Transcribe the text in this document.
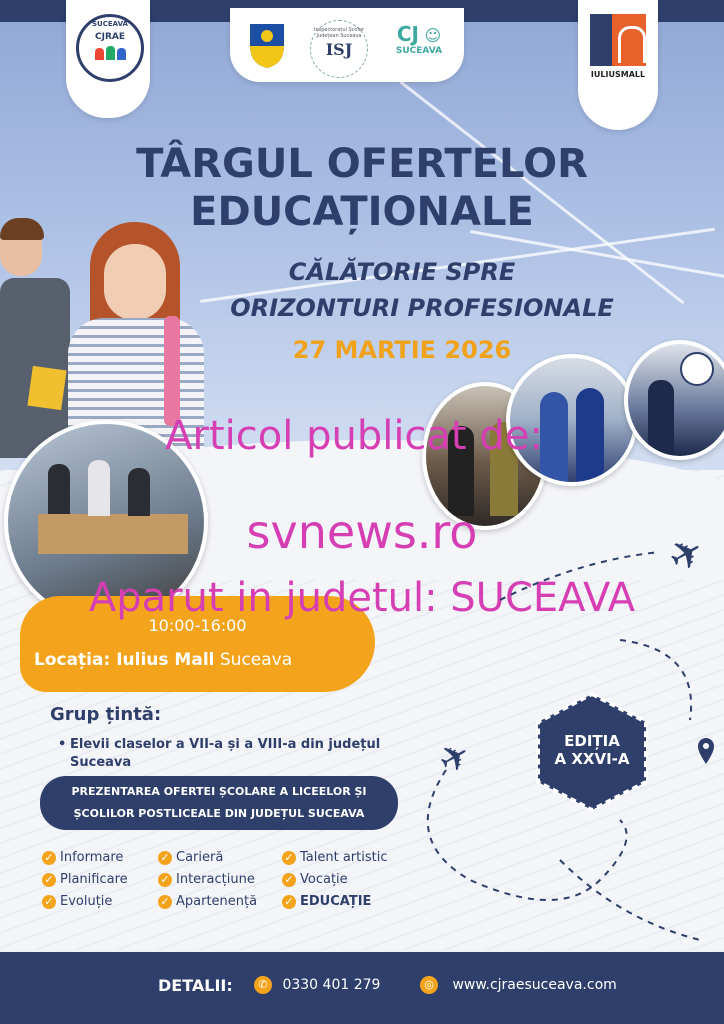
SUCEAVA
CJRAE
Inspectoratul Școlar Județean Suceava
ISJ
CJ ☺
SUCEAVA
IULIUSMALL
TÂRGUL OFERTELOR
EDUCAȚIONALE
CĂLĂTORIE SPRE
ORIZONTURI PROFESIONALE
27 MARTIE 2026
10:00-16:00
Locația: Iulius Mall Suceava
Articol publicat de:
svnews.ro
Aparut in judetul: SUCEAVA
✈
✈	EDIȚIA
A XXVI-A
Grup țintă:
• Elevii claselor a VII-a și a VIII-a din județul Suceava
PREZENTAREA OFERTEI ȘCOLARE A LICEELOR ȘI
ȘCOLILOR POSTLICEALE DIN JUDEȚUL SUCEAVA
✓ Informare
✓ Planificare
✓ Evoluție
✓ Carieră
✓ Interacțiune
✓ Apartenență
✓ Talent artistic
✓ Vocație
✓ EDUCAȚIE
DETALII:	✆ 0330 401 279	◎ www.cjraesuceava.com
